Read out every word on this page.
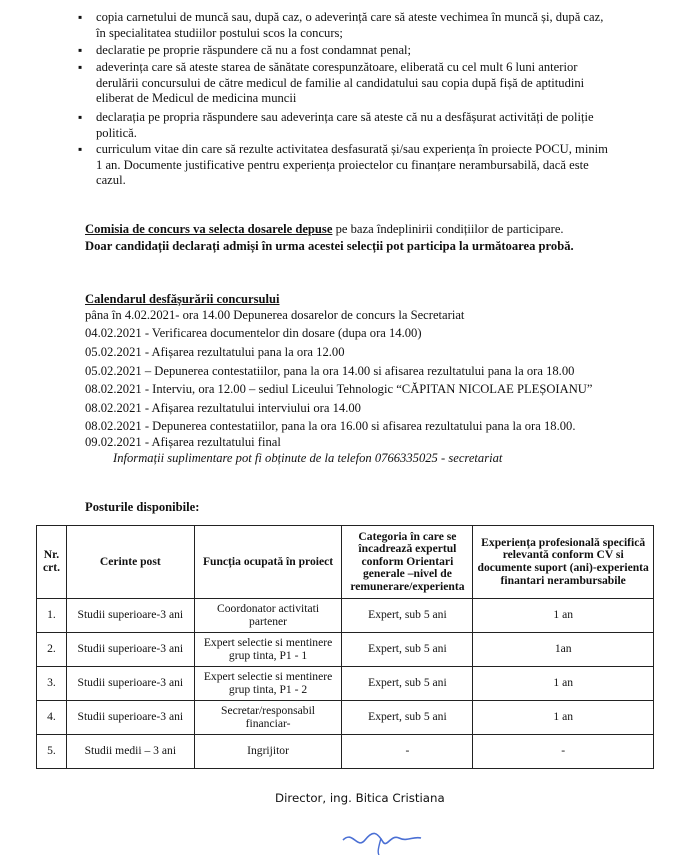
▪ copia carnetului de muncă sau, după caz, o adeverință care să ateste vechimea în muncă și, după caz,
în specialitatea studiilor postului scos la concurs;
▪ declaratie pe proprie răspundere că nu a fost condamnat penal;
▪ adeverința care să ateste starea de sănătate corespunzătoare, eliberată cu cel mult 6 luni anterior
derulării concursului de către medicul de familie al candidatului sau copia după fișă de aptitudini
eliberat de Medicul de medicina muncii
▪ declarația pe propria răspundere sau adeverința care să ateste că nu a desfășurat activități de poliție
politică.
▪ curriculum vitae din care să rezulte activitatea desfasurată și/sau experiența în proiecte POCU, minim
1 an. Documente justificative pentru experiența proiectelor cu finanțare nerambursabilă, dacă este
cazul.
Comisia de concurs va selecta dosarele depuse pe baza îndeplinirii condițiilor de participare.
Doar candidații declarați admiși în urma acestei selecții pot participa la următoarea probă.
Calendarul desfășurării concursului
pâna în 4.02.2021- ora 14.00 Depunerea dosarelor de concurs la Secretariat
04.02.2021 - Verificarea documentelor din dosare (dupa ora 14.00)
05.02.2021 - Afișarea rezultatului pana la ora 12.00
05.02.2021 – Depunerea contestatiilor, pana la ora 14.00 si afisarea rezultatului pana la ora 18.00
08.02.2021 - Interviu, ora 12.00 – sediul Liceului Tehnologic “CĂPITAN NICOLAE PLEȘOIANU”
08.02.2021 - Afișarea rezultatului interviului ora 14.00
08.02.2021 - Depunerea contestatiilor, pana la ora 16.00 si afisarea rezultatului pana la ora 18.00.
09.02.2021 - Afișarea rezultatului final
Informații suplimentare pot fi obținute de la telefon 0766335025 - secretariat
Posturile disponibile:
Nr. crt.	Cerinte post	Funcția ocupată în proiect	Categoria în care se încadrează expertul conform Orientari generale –nivel de remunerare/experienta	Experiența profesională specifică relevantă conform CV si documente suport (ani)-experienta finantari nerambursabile
1.	Studii superioare-3 ani	Coordonator activitati partener	Expert, sub 5 ani	1 an
2.	Studii superioare-3 ani	Expert selectie si mentinere grup tinta, P1 - 1	Expert, sub 5 ani	1an
3.	Studii superioare-3 ani	Expert selectie si mentinere grup tinta, P1 - 2	Expert, sub 5 ani	1 an
4.	Studii superioare-3 ani	Secretar/responsabil financiar-	Expert, sub 5 ani	1 an
5.	Studii medii – 3 ani	Ingrijitor	-	-
Director, ing. Bitica Cristiana
